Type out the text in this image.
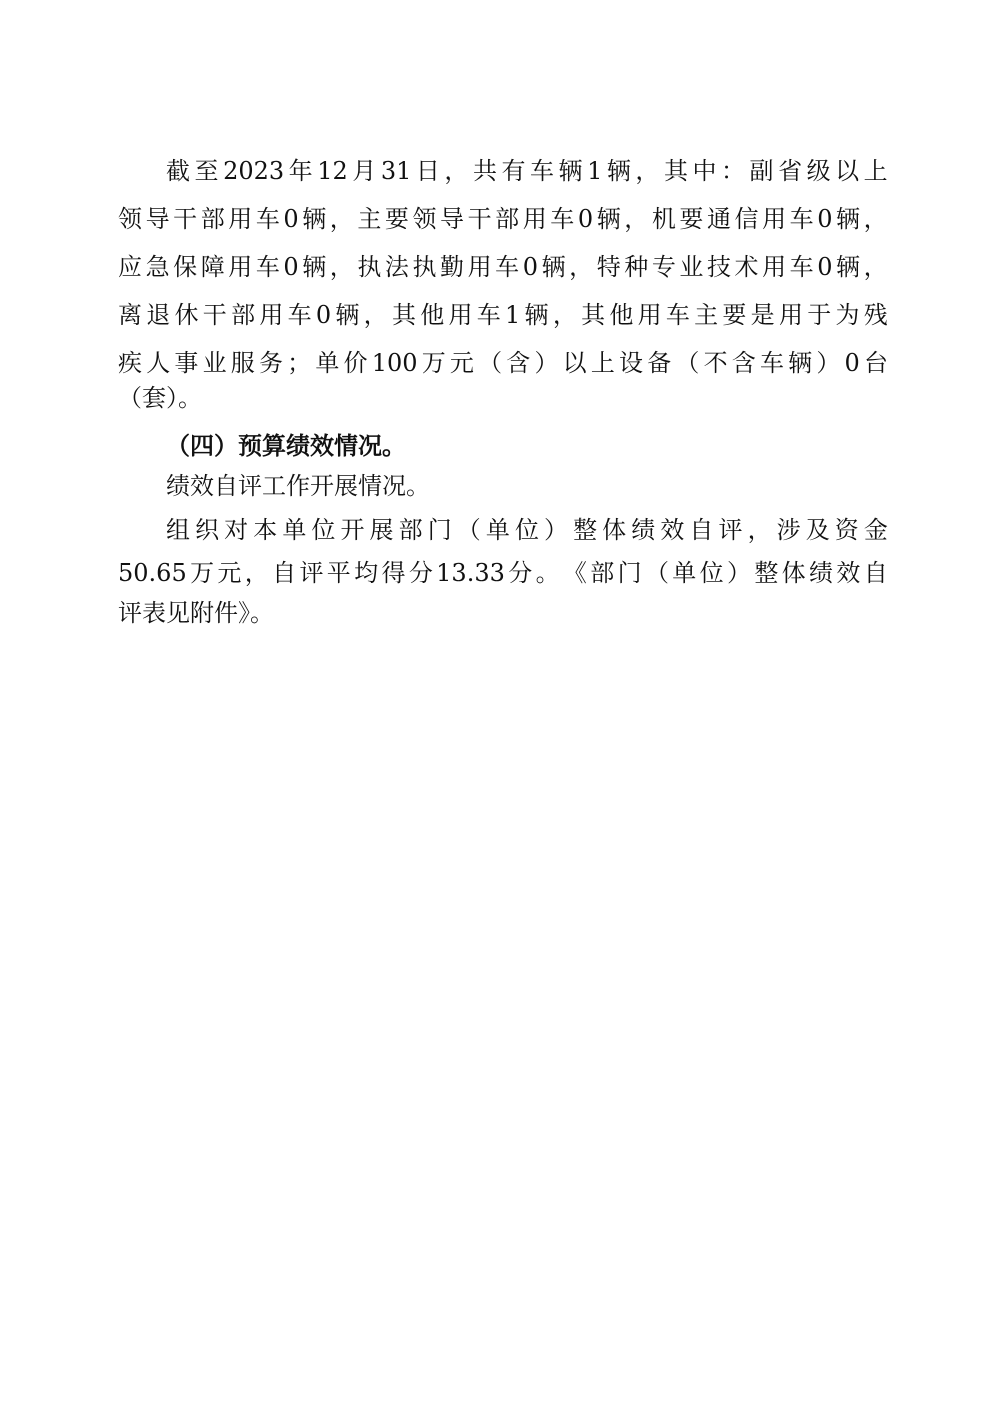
截 至 2023 年 12 月 31 日 ， 共 有 车 辆 1 辆 ， 其 中 ： 副 省 级 以 上
领 导 干 部 用 车 0 辆 ， 主 要 领 导 干 部 用 车 0 辆 ， 机 要 通 信 用 车 0 辆 ，
应 急 保 障 用 车 0 辆 ， 执 法 执 勤 用 车 0 辆 ， 特 种 专 业 技 术 用 车 0 辆 ，
离 退 休 干 部 用 车 0 辆 ， 其 他 用 车 1 辆 ， 其 他 用 车 主 要 是 用 于 为 残
疾 人 事 业 服 务 ； 单 价 100 万 元 （ 含 ） 以 上 设 备 （ 不 含 车 辆 ） 0 台
（套）。
（四）预算绩效情况。
绩效自评工作开展情况。
组 织 对 本 单 位 开 展 部 门 （ 单 位 ） 整 体 绩 效 自 评 ， 涉 及 资 金
50.65 万 元 ， 自 评 平 均 得 分 13.33 分 。 《 部 门 （ 单 位 ） 整 体 绩 效 自
评表见附件》。
